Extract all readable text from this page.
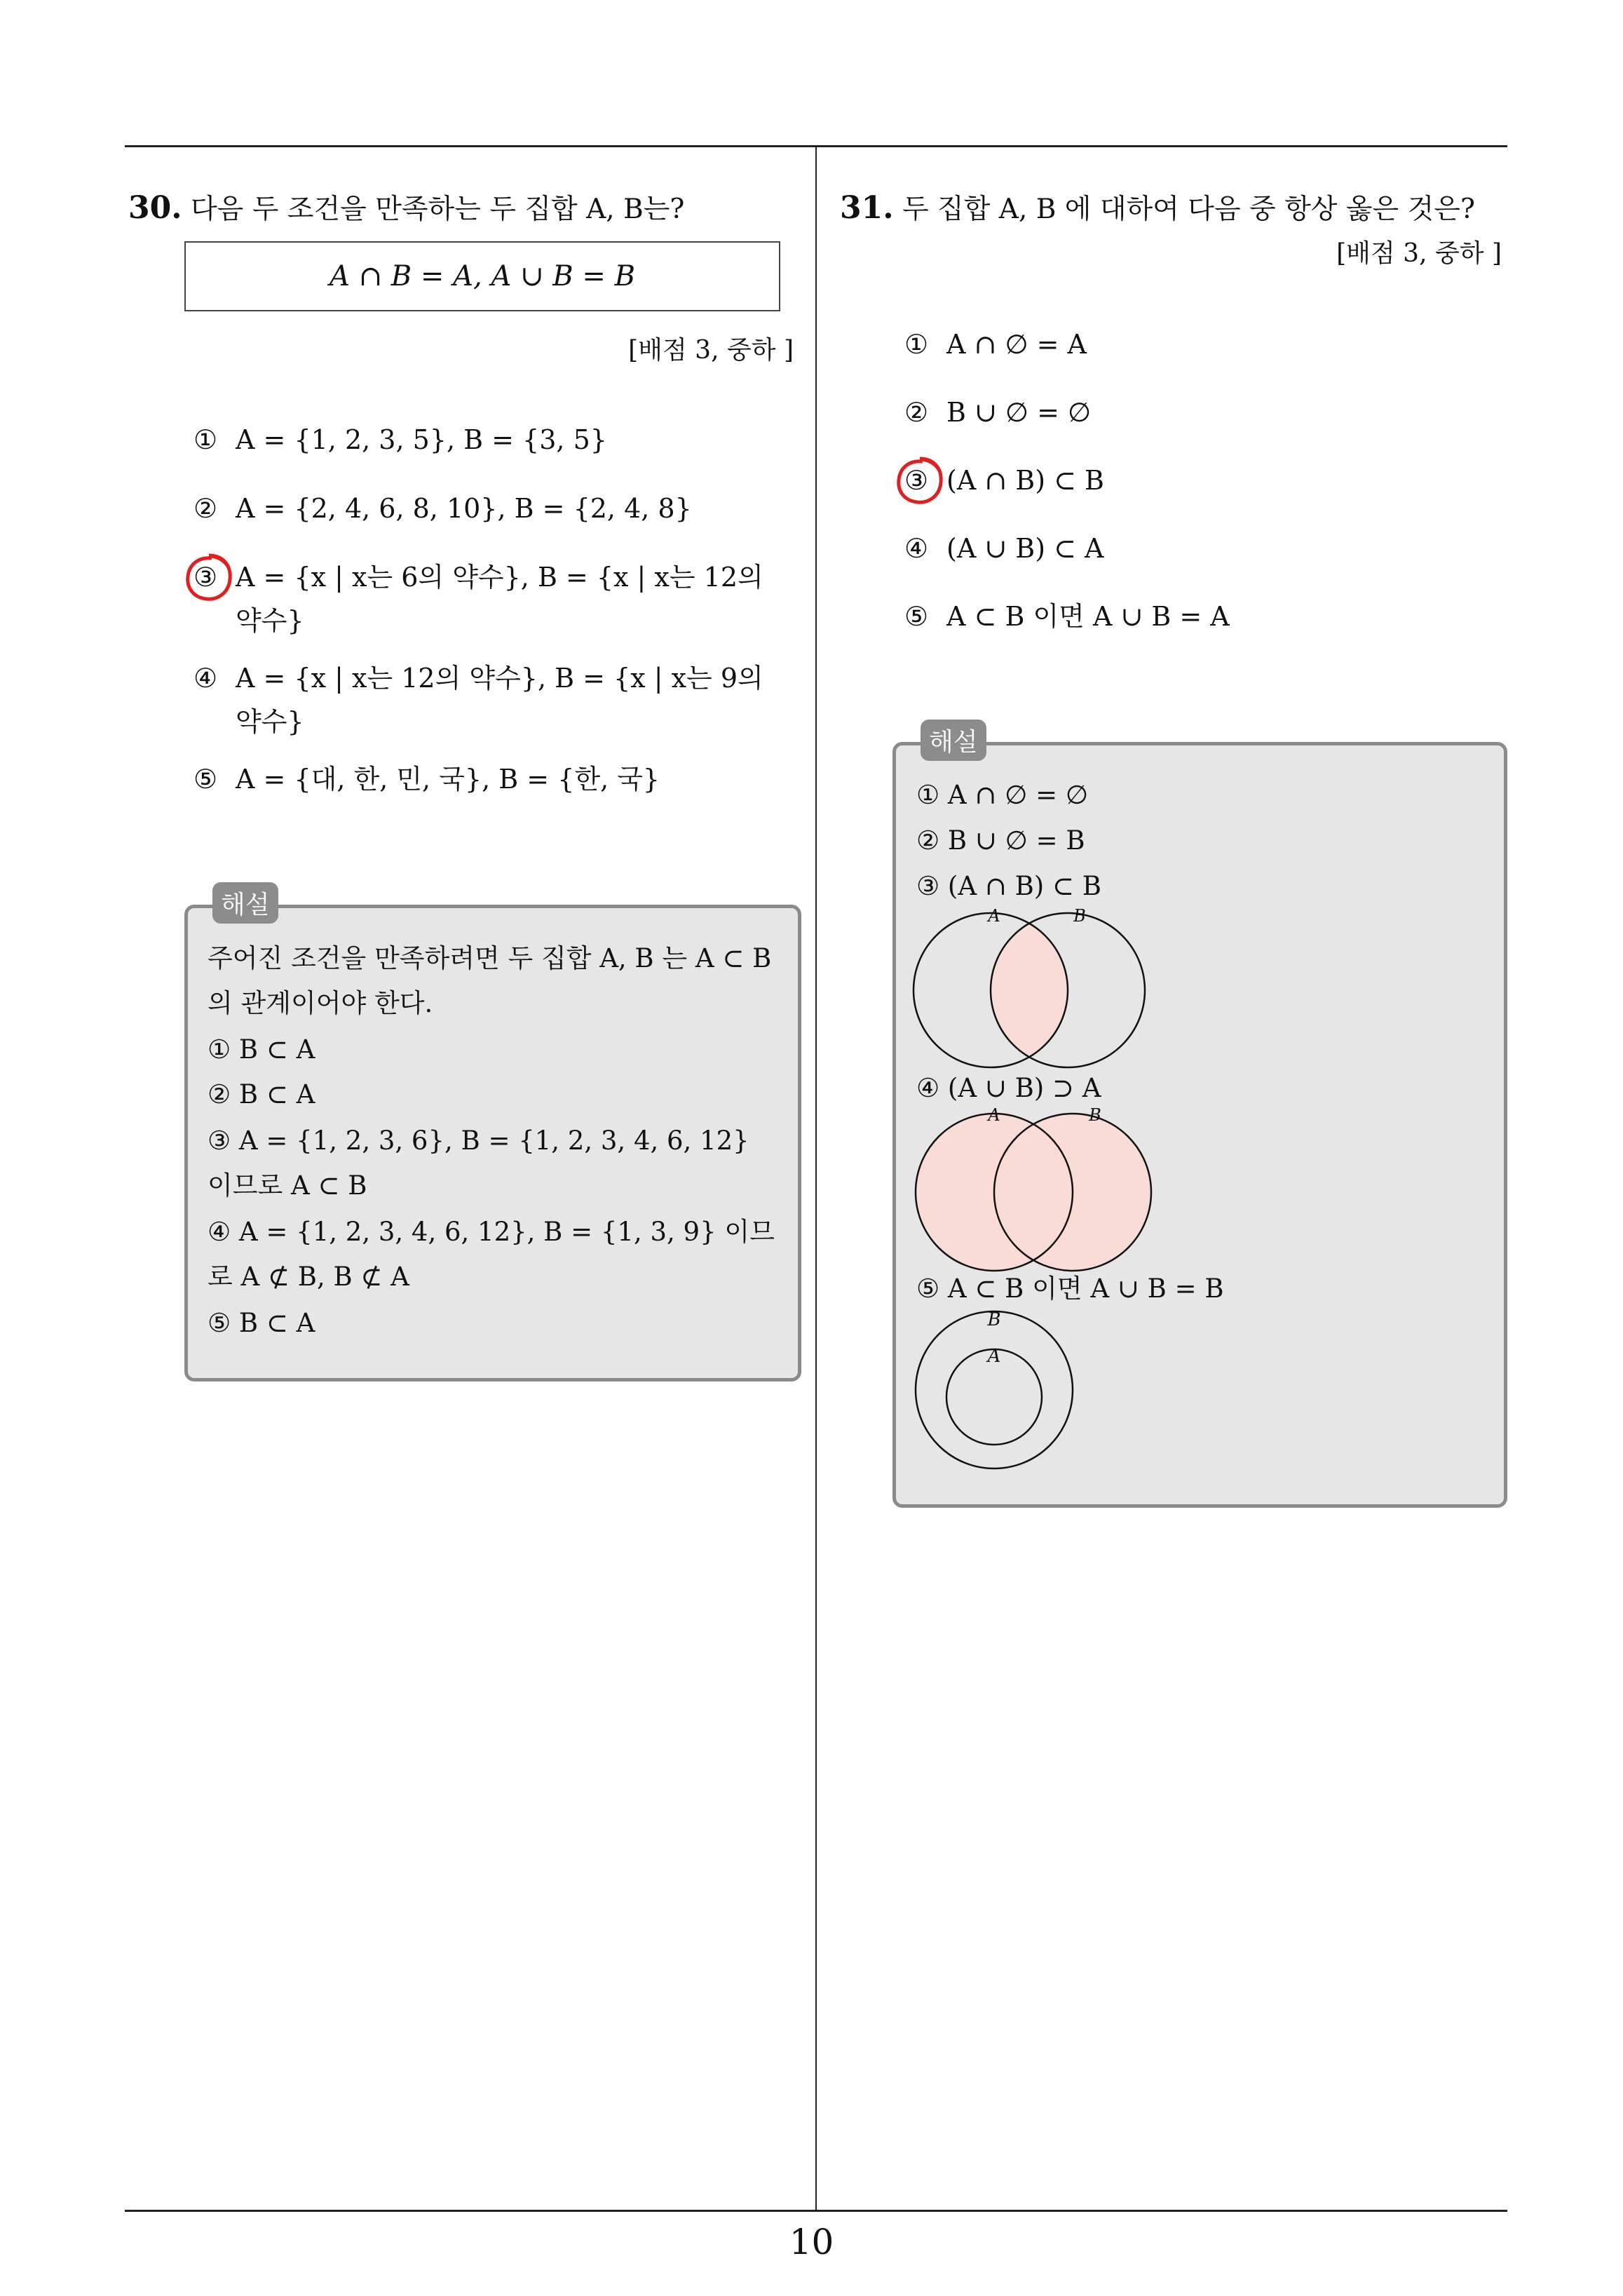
30. 다음 두 조건을 만족하는 두 집합 A, B는?
A ∩ B = A, A ∪ B = B
[배점 3, 중하 ]
① A = {1, 2, 3, 5}, B = {3, 5}
② A = {2, 4, 6, 8, 10}, B = {2, 4, 8}
③ A = {x | x는 6의 약수}, B = {x | x는 12의
약수}
④ A = {x | x는 12의 약수}, B = {x | x는 9의
약수}
⑤ A = {대, 한, 민, 국}, B = {한, 국}
해설
주어진 조건을 만족하려면 두 집합 A, B 는 A ⊂ B
의 관계이어야 한다.
① B ⊂ A
② B ⊂ A
③ A = {1, 2, 3, 6}, B = {1, 2, 3, 4, 6, 12}
이므로 A ⊂ B
④ A = {1, 2, 3, 4, 6, 12}, B = {1, 3, 9} 이므
로 A ⊄ B, B ⊄ A
⑤ B ⊂ A
31. 두 집합 A, B 에 대하여 다음 중 항상 옳은 것은?
[배점 3, 중하 ]
① A ∩ ∅ = A
② B ∪ ∅ = ∅
③ (A ∩ B) ⊂ B
④ (A ∪ B) ⊂ A
⑤ A ⊂ B 이면 A ∪ B = A
해설
① A ∩ ∅ = ∅
② B ∪ ∅ = B
③ (A ∩ B) ⊂ B
A	B
④ (A ∪ B) ⊃ A
A	B
⑤ A ⊂ B 이면 A ∪ B = B
B
A
10
